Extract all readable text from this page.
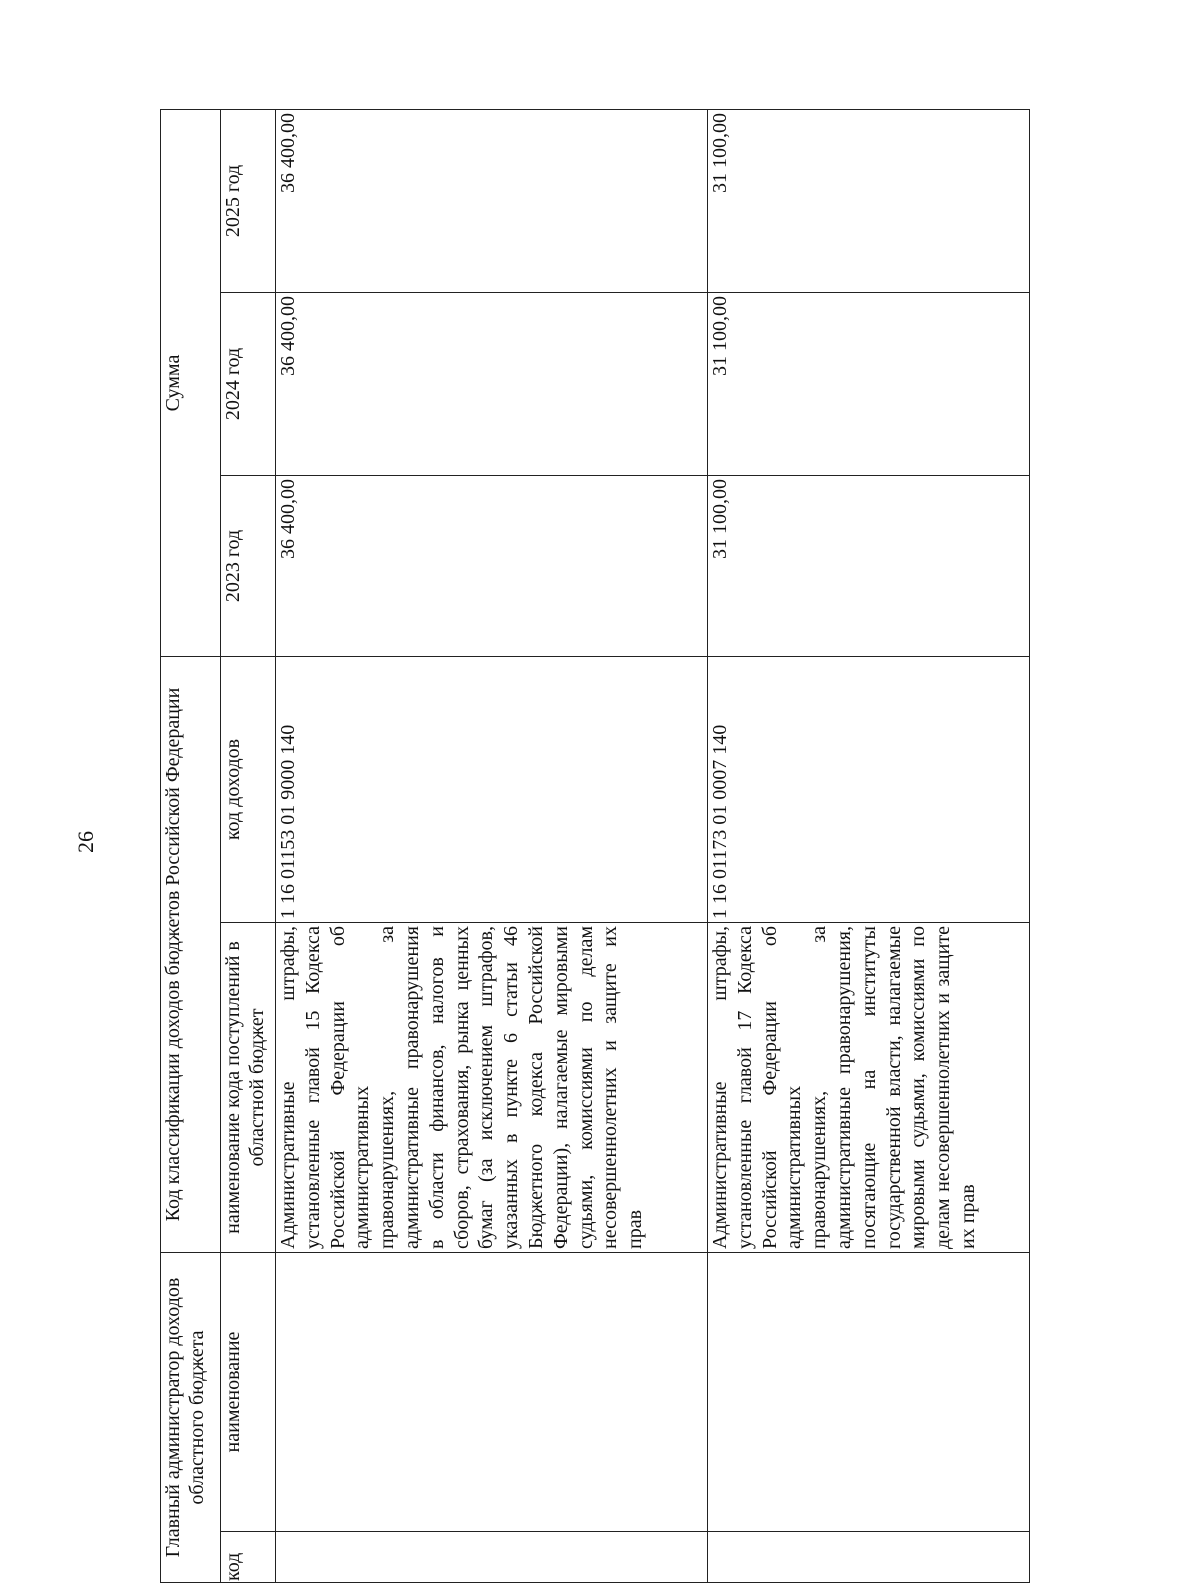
26
Главный администратор доходов областного бюджета		Код классификации доходов бюджетов Российской Федерации		Сумма		
код	наименование	наименование кода поступлений в областной бюджет	код доходов	2023 год	2024 год	2025 год
		Административные штрафы, установленные главой 15 Кодекса Российской Федерации об административных правонарушениях, за административные правонарушения в области финансов, налогов и сборов, страхования, рынка ценных бумаг (за исключением штрафов, указанных в пункте 6 статьи 46 Бюджетного кодекса Российской Федерации), налагаемые мировыми судьями, комиссиями по делам несовершеннолетних и защите их прав	1 16 01153 01 9000 140	36 400,00	36 400,00	36 400,00
		Административные штрафы, установленные главой 17 Кодекса Российской Федерации об административных правонарушениях, за административные правонарушения, посягающие на институты государственной власти, налагаемые мировыми судьями, комиссиями по делам несовершеннолетних и защите их прав	1 16 01173 01 0007 140	31 100,00	31 100,00	31 100,00
